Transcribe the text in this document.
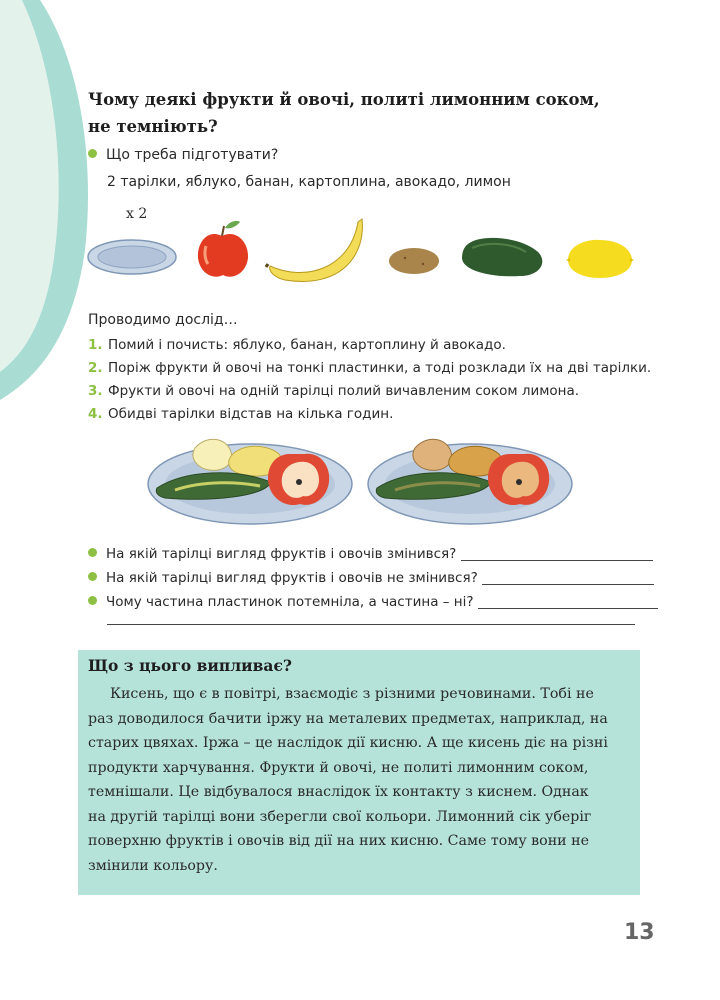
Чому деякі фрукти й овочі, политі лимонним соком,
не темніють?
Що треба підготувати?
2 тарілки, яблуко, банан, картоплина, авокадо, лимон
х 2
Проводимо дослід…
1. Помий і почисть: яблуко, банан, картоплину й авокадо.
2. Поріж фрукти й овочі на тонкі пластинки, а тоді розклади їх на дві тарілки.
3. Фрукти й овочі на одній тарілці полий вичавленим соком лимона.
4. Обидві тарілки відстав на кілька годин.
На якій тарілці вигляд фруктів і овочів змінився?
На якій тарілці вигляд фруктів і овочів не змінився?
Чому частина пластинок потемніла, а частина – ні?
Що з цього випливає?
Кисень, що є в повітрі, взаємодіє з різними речовинами. Тобі не
раз доводилося бачити іржу на металевих предметах, наприклад, на
старих цвяхах. Іржа – це наслідок дії кисню. А ще кисень діє на різні
продукти харчування. Фрукти й овочі, не политі лимонним соком,
темнішали. Це відбувалося внаслідок їх контакту з киснем. Однак
на другій тарілці вони зберегли свої кольори. Лимонний сік уберіг
поверхню фруктів і овочів від дії на них кисню. Саме тому вони не
змінили кольору.
13
